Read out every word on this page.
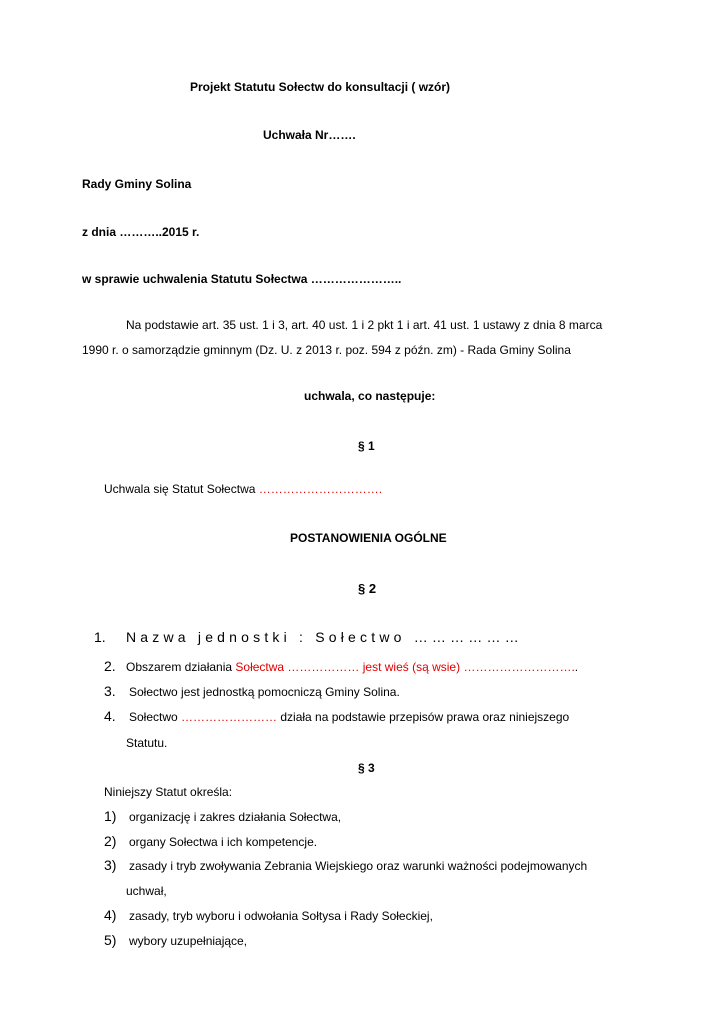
Projekt Statutu Sołectw do konsultacji ( wzór)
Uchwała Nr…….
Rady Gminy Solina
z dnia ………..2015 r.
w sprawie uchwalenia Statutu Sołectwa …………………..
Na podstawie art. 35 ust. 1 i 3, art. 40 ust. 1 i 2 pkt 1 i art. 41 ust. 1 ustawy z dnia 8 marca
1990 r. o samorządzie gminnym (Dz. U. z 2013 r. poz. 594 z późn. zm) - Rada Gminy Solina
uchwala, co następuje:
§ 1
Uchwala się Statut Sołectwa ………………………….
POSTANOWIENIA OGÓLNE
§ 2
1. Nazwa jednostki : Sołectwo ………………
2. Obszarem działania Sołectwa ……………… jest wieś (są wsie) ………………………..
3. Sołectwo jest jednostką pomocniczą Gminy Solina.
4. Sołectwo …………………… działa na podstawie przepisów prawa oraz niniejszego
Statutu.
§ 3
Niniejszy Statut określa:
1) organizację i zakres działania Sołectwa,
2) organy Sołectwa i ich kompetencje.
3) zasady i tryb zwoływania Zebrania Wiejskiego oraz warunki ważności podejmowanych
uchwał,
4) zasady, tryb wyboru i odwołania Sołtysa i Rady Sołeckiej,
5) wybory uzupełniające,
